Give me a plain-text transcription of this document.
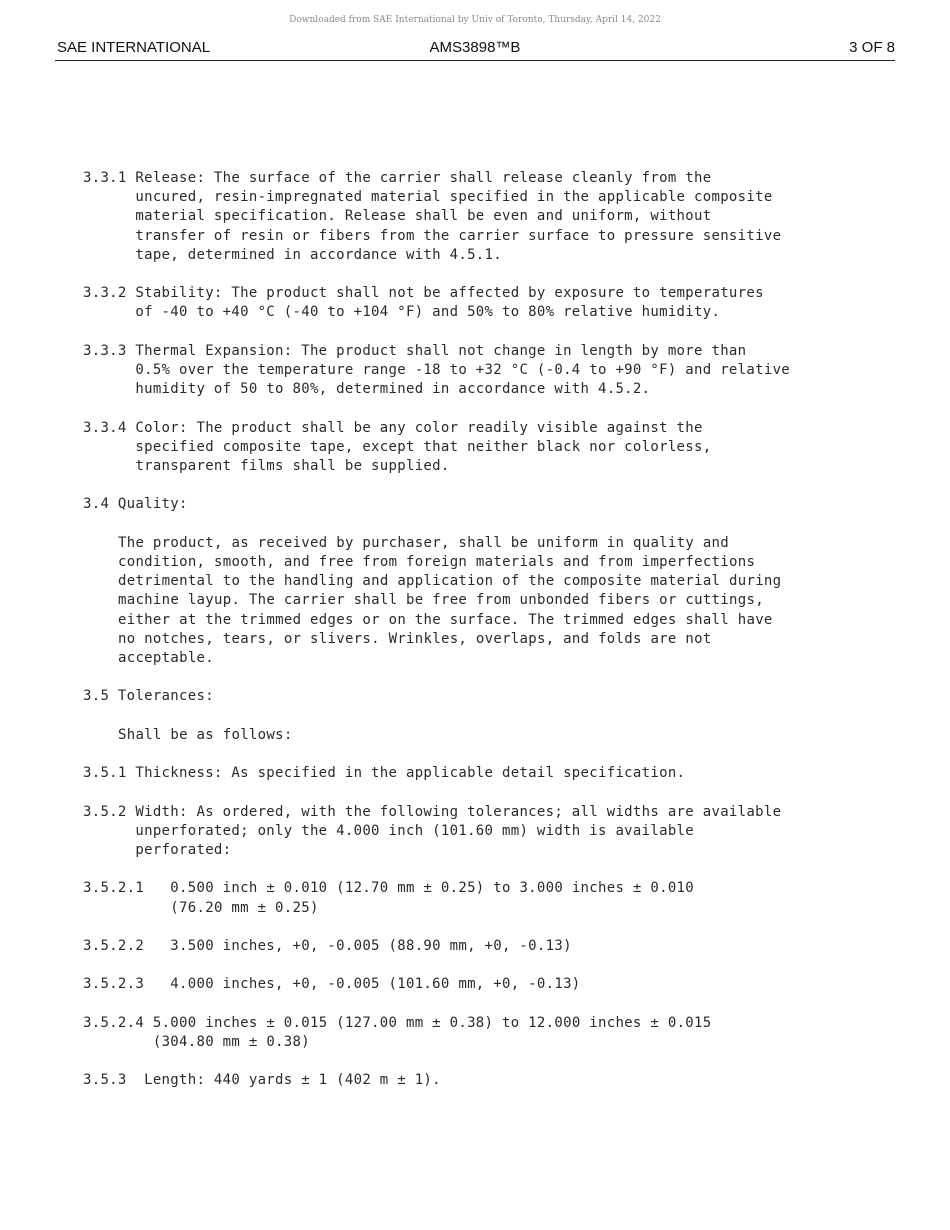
Downloaded from SAE International by Univ of Toronto, Thursday, April 14, 2022
SAE INTERNATIONAL	AMS3898™B	3 OF 8
3.3.1 Release: The surface of the carrier shall release cleanly from the
uncured, resin-impregnated material specified in the applicable composite
material specification. Release shall be even and uniform, without
transfer of resin or fibers from the carrier surface to pressure sensitive
tape, determined in accordance with 4.5.1.
3.3.2 Stability: The product shall not be affected by exposure to temperatures
of -40 to +40 °C (-40 to +104 °F) and 50% to 80% relative humidity.
3.3.3 Thermal Expansion: The product shall not change in length by more than
0.5% over the temperature range -18 to +32 °C (-0.4 to +90 °F) and relative
humidity of 50 to 80%, determined in accordance with 4.5.2.
3.3.4 Color: The product shall be any color readily visible against the
specified composite tape, except that neither black nor colorless,
transparent films shall be supplied.
3.4 Quality:
The product, as received by purchaser, shall be uniform in quality and
condition, smooth, and free from foreign materials and from imperfections
detrimental to the handling and application of the composite material during
machine layup. The carrier shall be free from unbonded fibers or cuttings,
either at the trimmed edges or on the surface. The trimmed edges shall have
no notches, tears, or slivers. Wrinkles, overlaps, and folds are not
acceptable.
3.5 Tolerances:
Shall be as follows:
3.5.1 Thickness: As specified in the applicable detail specification.
3.5.2 Width: As ordered, with the following tolerances; all widths are available
unperforated; only the 4.000 inch (101.60 mm) width is available
perforated:
3.5.2.1 0.500 inch ± 0.010 (12.70 mm ± 0.25) to 3.000 inches ± 0.010
(76.20 mm ± 0.25)
3.5.2.2   3.500 inches, +0, -0.005 (88.90 mm, +0, -0.13)
3.5.2.3   4.000 inches, +0, -0.005 (101.60 mm, +0, -0.13)
3.5.2.4 5.000 inches ± 0.015 (127.00 mm ± 0.38) to 12.000 inches ± 0.015
(304.80 mm ± 0.38)
3.5.3  Length: 440 yards ± 1 (402 m ± 1).
